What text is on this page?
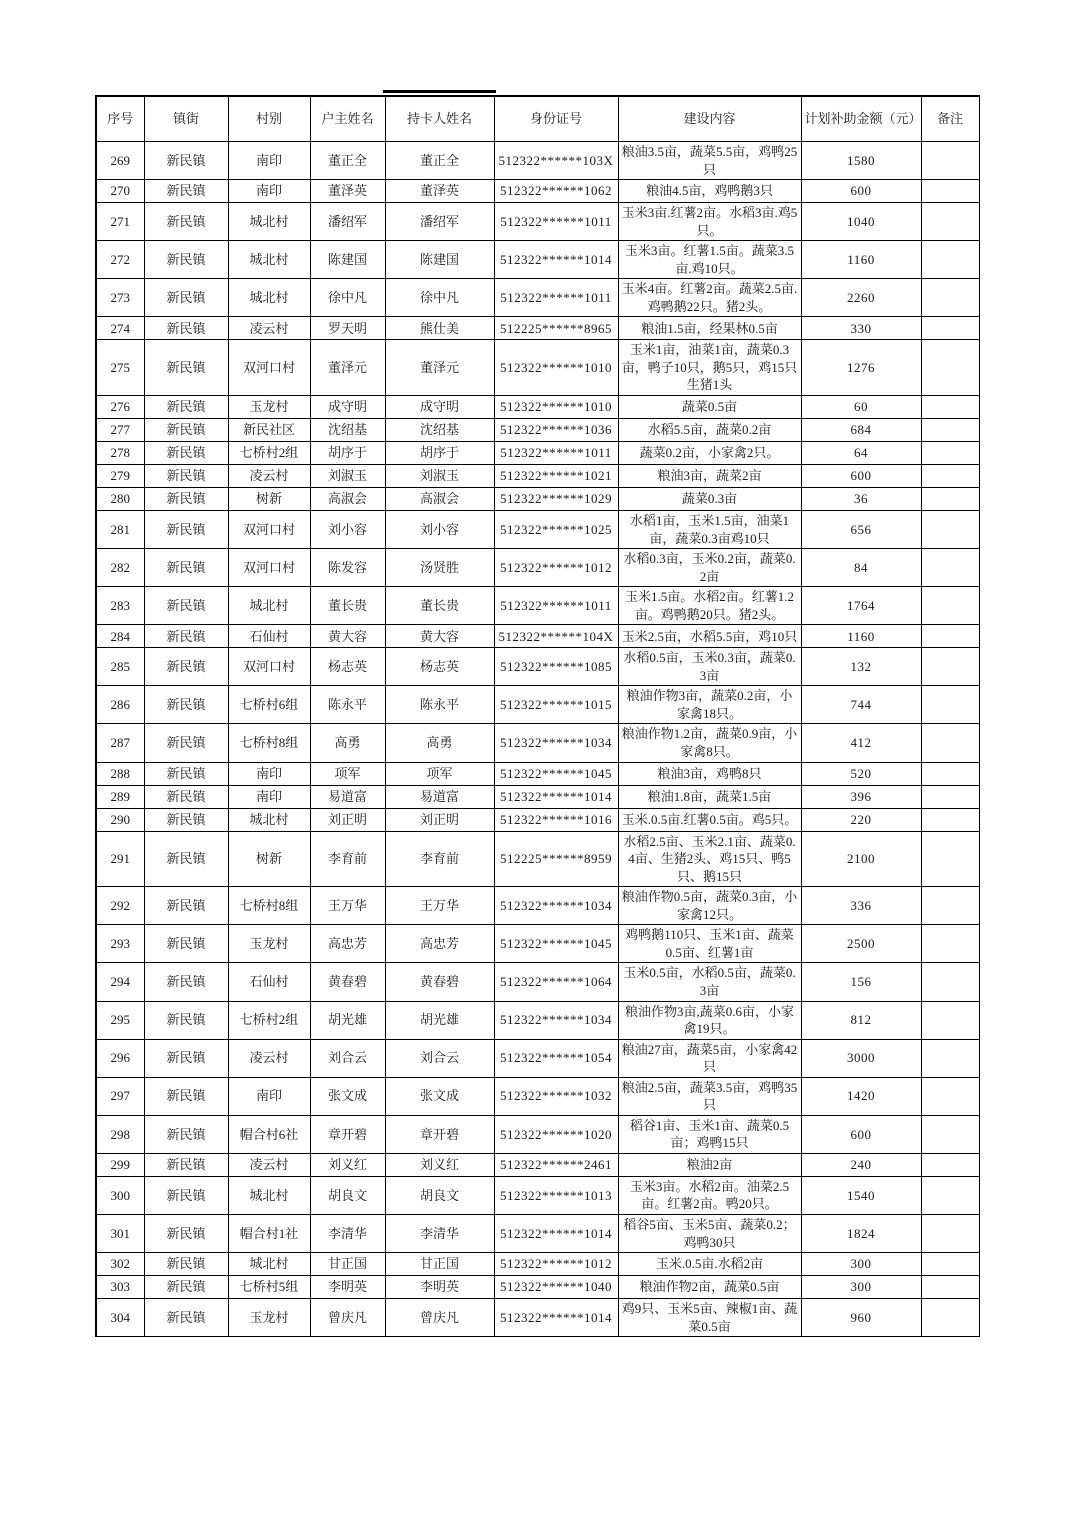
序号	镇街	村别	户主姓名	持卡人姓名	身份证号	建设内容	计划补助金额（元）	备注
269	新民镇	南印	董正全	董正全	512322******103X	粮油3.5亩，蔬菜5.5亩，鸡鸭25只	1580	
270	新民镇	南印	董泽英	董泽英	512322******1062	粮油4.5亩，鸡鸭鹅3只	600	
271	新民镇	城北村	潘绍军	潘绍军	512322******1011	玉米3亩.红薯2亩。水稻3亩.鸡5只。	1040	
272	新民镇	城北村	陈建国	陈建国	512322******1014	玉米3亩。红薯1.5亩。蔬菜3.5亩.鸡10只。	1160	
273	新民镇	城北村	徐中凡	徐中凡	512322******1011	玉米4亩。红薯2亩。蔬菜2.5亩.鸡鸭鹅22只。猪2头。	2260	
274	新民镇	凌云村	罗天明	熊仕美	512225******8965	粮油1.5亩，经果林0.5亩	330	
275	新民镇	双河口村	董泽元	董泽元	512322******1010	玉米1亩，油菜1亩，蔬菜0.3亩，鸭子10只，鹅5只，鸡15只生猪1头	1276	
276	新民镇	玉龙村	成守明	成守明	512322******1010	蔬菜0.5亩	60	
277	新民镇	新民社区	沈绍基	沈绍基	512322******1036	水稻5.5亩，蔬菜0.2亩	684	
278	新民镇	七桥村2组	胡序于	胡序于	512322******1011	蔬菜0.2亩，小家禽2只。	64	
279	新民镇	凌云村	刘淑玉	刘淑玉	512322******1021	粮油3亩，蔬菜2亩	600	
280	新民镇	树新	高淑会	高淑会	512322******1029	蔬菜0.3亩	36	
281	新民镇	双河口村	刘小容	刘小容	512322******1025	水稻1亩，玉米1.5亩，油菜1亩，蔬菜0.3亩鸡10只	656	
282	新民镇	双河口村	陈发容	汤贤胜	512322******1012	水稻0.3亩，玉米0.2亩，蔬菜0.2亩	84	
283	新民镇	城北村	董长贵	董长贵	512322******1011	玉米1.5亩。水稻2亩。红薯1.2亩。鸡鸭鹅20只。猪2头。	1764	
284	新民镇	石仙村	黄大容	黄大容	512322******104X	玉米2.5亩，水稻5.5亩，鸡10只	1160	
285	新民镇	双河口村	杨志英	杨志英	512322******1085	水稻0.5亩，玉米0.3亩，蔬菜0.3亩	132	
286	新民镇	七桥村6组	陈永平	陈永平	512322******1015	粮油作物3亩，蔬菜0.2亩，小家禽18只。	744	
287	新民镇	七桥村8组	高勇	高勇	512322******1034	粮油作物1.2亩，蔬菜0.9亩，小家禽8只。	412	
288	新民镇	南印	项军	项军	512322******1045	粮油3亩，鸡鸭8只	520	
289	新民镇	南印	易道富	易道富	512322******1014	粮油1.8亩，蔬菜1.5亩	396	
290	新民镇	城北村	刘正明	刘正明	512322******1016	玉米.0.5亩.红薯0.5亩。鸡5只。	220	
291	新民镇	树新	李育前	李育前	512225******8959	水稻2.5亩、玉米2.1亩、蔬菜0.4亩、生猪2头、鸡15只、鸭5只、鹅15只	2100	
292	新民镇	七桥村8组	王万华	王万华	512322******1034	粮油作物0.5亩，蔬菜0.3亩，小家禽12只。	336	
293	新民镇	玉龙村	高忠芳	高忠芳	512322******1045	鸡鸭鹅110只、玉米1亩、蔬菜0.5亩、红薯1亩	2500	
294	新民镇	石仙村	黄春碧	黄春碧	512322******1064	玉米0.5亩，水稻0.5亩，蔬菜0.3亩	156	
295	新民镇	七桥村2组	胡光雄	胡光雄	512322******1034	粮油作物3亩,蔬菜0.6亩，小家禽19只。	812	
296	新民镇	凌云村	刘合云	刘合云	512322******1054	粮油27亩，蔬菜5亩，小家禽42只	3000	
297	新民镇	南印	张文成	张文成	512322******1032	粮油2.5亩，蔬菜3.5亩，鸡鸭35只	1420	
298	新民镇	帽合村6社	章开碧	章开碧	512322******1020	稻谷1亩、玉米1亩、蔬菜0.5亩；鸡鸭15只	600	
299	新民镇	凌云村	刘义红	刘义红	512322******2461	粮油2亩	240	
300	新民镇	城北村	胡良文	胡良文	512322******1013	玉米3亩。水稻2亩。油菜2.5亩。红薯2亩。鸭20只。	1540	
301	新民镇	帽合村1社	李清华	李清华	512322******1014	稻谷5亩、玉米5亩、蔬菜0.2；鸡鸭30只	1824	
302	新民镇	城北村	甘正国	甘正国	512322******1012	玉米.0.5亩.水稻2亩	300	
303	新民镇	七桥村5组	李明英	李明英	512322******1040	粮油作物2亩，蔬菜0.5亩	300	
304	新民镇	玉龙村	曾庆凡	曾庆凡	512322******1014	鸡9只、玉米5亩、辣椒1亩、蔬菜0.5亩	960	
